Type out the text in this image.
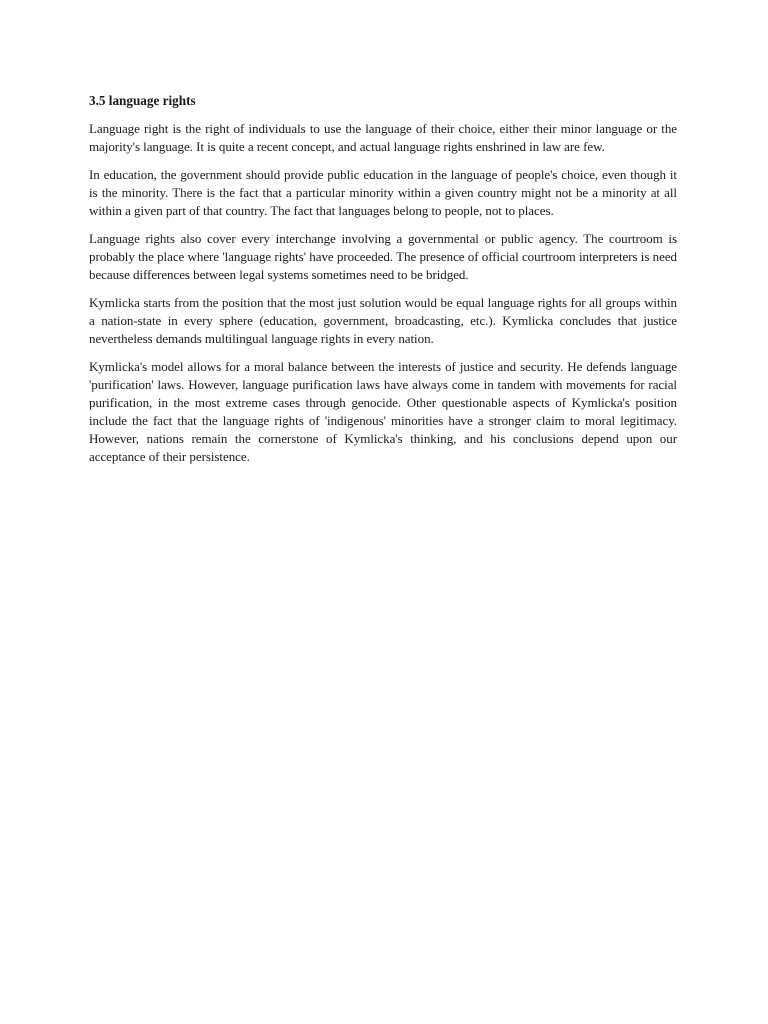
3.5 language rights

Language right is the right of individuals to use the language of their choice, either their minor language or the majority's language. It is quite a recent concept, and actual language rights enshrined in law are few.

In education, the government should provide public education in the language of people's choice, even though it is the minority. There is the fact that a particular minority within a given country might not be a minority at all within a given part of that country. The fact that languages belong to people, not to places.

Language rights also cover every interchange involving a governmental or public agency. The courtroom is probably the place where 'language rights' have proceeded. The presence of official courtroom interpreters is need because differences between legal systems sometimes need to be bridged.

Kymlicka starts from the position that the most just solution would be equal language rights for all groups within a nation-state in every sphere (education, government, broadcasting, etc.). Kymlicka concludes that justice nevertheless demands multilingual language rights in every nation.

Kymlicka's model allows for a moral balance between the interests of justice and security. He defends language 'purification' laws. However, language purification laws have always come in tandem with movements for racial purification, in the most extreme cases through genocide. Other questionable aspects of Kymlicka's position include the fact that the language rights of 'indigenous' minorities have a stronger claim to moral legitimacy. However, nations remain the cornerstone of Kymlicka's thinking, and his conclusions depend upon our acceptance of their persistence.
